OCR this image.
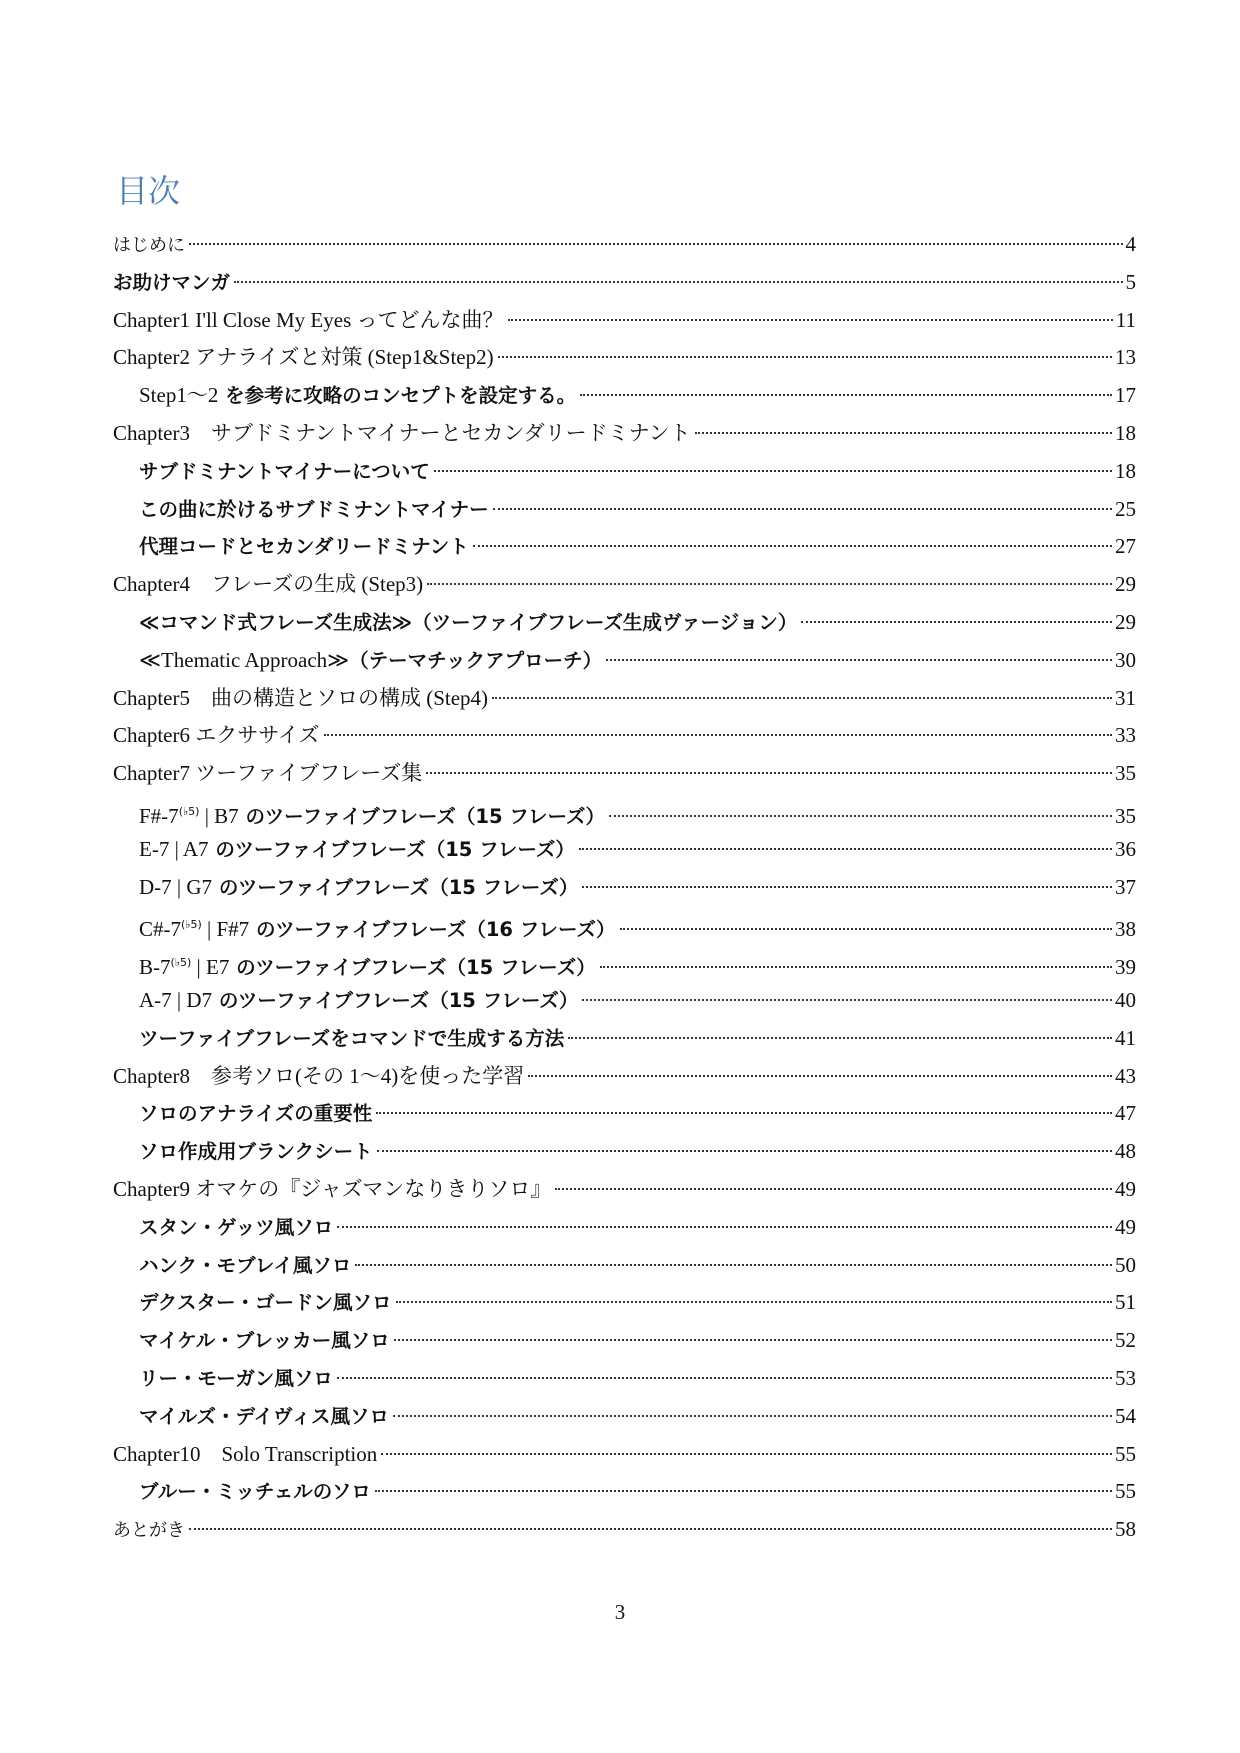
目次
はじめに	4
お助けマンガ	5
Chapter1 I'll Close My Eyes ってどんな曲？	11
Chapter2 アナライズと対策 (Step1&Step2)	13
Step1〜2 を参考に攻略のコンセプトを設定する。	17
Chapter3　サブドミナントマイナーとセカンダリードミナント	18
サブドミナントマイナーについて	18
この曲に於けるサブドミナントマイナー	25
代理コードとセカンダリードミナント	27
Chapter4　フレーズの生成 (Step3)	29
≪コマンド式フレーズ生成法≫（ツーファイブフレーズ生成ヴァージョン）	29
≪Thematic Approach≫（テーマチックアプローチ）	30
Chapter5　曲の構造とソロの構成 (Step4)	31
Chapter6 エクササイズ	33
Chapter7 ツーファイブフレーズ集	35
$F\#-7^{(♭5)}$ | B7 のツーファイブフレーズ（15 フレーズ）	35
E-7 | A7 のツーファイブフレーズ（15 フレーズ）	36
D-7 | G7 のツーファイブフレーズ（15 フレーズ）	37
$C\#-7^{(♭5)}$ | F#7 のツーファイブフレーズ（16 フレーズ）	38
$B-7^{(♭5)}$ | E7 のツーファイブフレーズ（15 フレーズ）	39
A-7 | D7 のツーファイブフレーズ（15 フレーズ）	40
ツーファイブフレーズをコマンドで生成する方法	41
Chapter8　参考ソロ(その 1～4)を使った学習	43
ソロのアナライズの重要性	47
ソロ作成用ブランクシート	48
Chapter9 オマケの『ジャズマンなりきりソロ』	49
スタン・ゲッツ風ソロ	49
ハンク・モブレイ風ソロ	50
デクスター・ゴードン風ソロ	51
マイケル・ブレッカー風ソロ	52
リー・モーガン風ソロ	53
マイルズ・デイヴィス風ソロ	54
Chapter10　Solo Transcription	55
ブルー・ミッチェルのソロ	55
あとがき	58
3
